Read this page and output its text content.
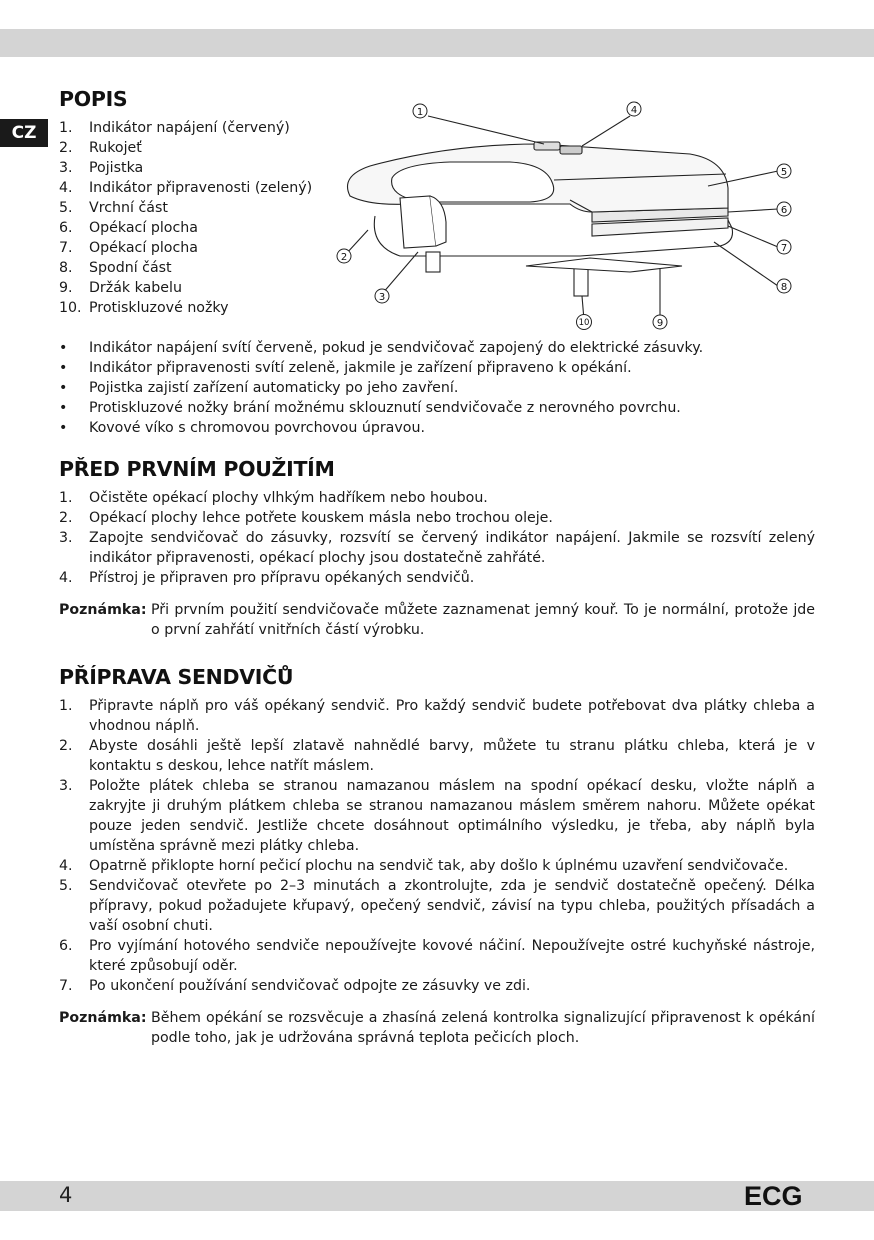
CZ
POPIS
1. Indikátor napájení (červený)
2. Rukojeť
3. Pojistka
4. Indikátor připravenosti (zelený)
5. Vrchní část
6. Opékací plocha
7. Opékací plocha
8. Spodní část
9. Držák kabelu
10. Protiskluzové nožky
1
2
3
4
5
6
7
8
9
10
• Indikátor napájení svítí červeně, pokud je sendvičovač zapojený do elektrické zásuvky.
• Indikátor připravenosti svítí zeleně, jakmile je zařízení připraveno k opékání.
• Pojistka zajistí zařízení automaticky po jeho zavření.
• Protiskluzové nožky brání možnému sklouznutí sendvičovače z nerovného povrchu.
• Kovové víko s chromovou povrchovou úpravou.
PŘED PRVNÍM POUŽITÍM
1. Očistěte opékací plochy vlhkým hadříkem nebo houbou.
2. Opékací plochy lehce potřete kouskem másla nebo trochou oleje.
3. Zapojte sendvičovač do zásuvky, rozsvítí se červený indikátor napájení. Jakmile se rozsvítí zelený indikátor připravenosti, opékací plochy jsou dostatečně zahřáté.
4. Přístroj je připraven pro přípravu opékaných sendvičů.
Poznámka: Při prvním použití sendvičovače můžete zaznamenat jemný kouř. To je normální, protože jde o první zahřátí vnitřních částí výrobku.
PŘÍPRAVA SENDVIČŮ
1. Připravte náplň pro váš opékaný sendvič. Pro každý sendvič budete potřebovat dva plátky chleba a vhodnou náplň.
2. Abyste dosáhli ještě lepší zlatavě nahnědlé barvy, můžete tu stranu plátku chleba, která je v kontaktu s deskou, lehce natřít máslem.
3. Položte plátek chleba se stranou namazanou máslem na spodní opékací desku, vložte náplň a zakryjte ji druhým plátkem chleba se stranou namazanou máslem směrem nahoru. Můžete opékat pouze jeden sendvič. Jestliže chcete dosáhnout optimálního výsledku, je třeba, aby náplň byla umístěna správně mezi plátky chleba.
4. Opatrně přiklopte horní pečicí plochu na sendvič tak, aby došlo k úplnému uzavření sendvičovače.
5. Sendvičovač otevřete po 2–3 minutách a zkontrolujte, zda je sendvič dostatečně opečený. Délka přípravy, pokud požadujete křupavý, opečený sendvič, závisí na typu chleba, použitých přísadách a vaší osobní chuti.
6. Pro vyjímání hotového sendviče nepoužívejte kovové náčiní. Nepoužívejte ostré kuchyňské nástroje, které způsobují oděr.
7. Po ukončení používání sendvičovač odpojte ze zásuvky ve zdi.
Poznámka: Během opékání se rozsvěcuje a zhasíná zelená kontrolka signalizující připravenost k opékání podle toho, jak je udržována správná teplota pečicích ploch.
4	ECG
